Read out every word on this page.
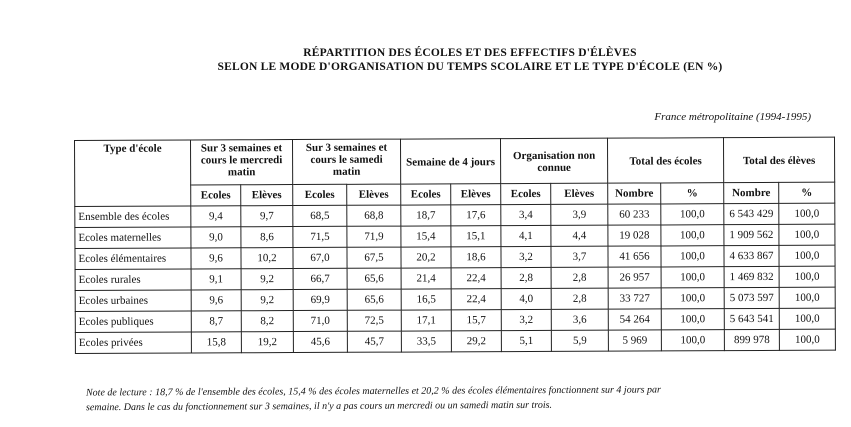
RÉPARTITION DES ÉCOLES ET DES EFFECTIFS D'ÉLÈVES
SELON LE MODE D'ORGANISATION DU TEMPS SCOLAIRE ET LE TYPE D'ÉCOLE (EN %)
France métropolitaine (1994-1995)
Type d'école	Sur 3 semaines et cours le mercredi matin		Sur 3 semaines et cours le samedi matin		Semaine de 4 jours		Organisation non connue		Total des écoles		Total des élèves	
	Ecoles	Elèves	Ecoles	Elèves	Ecoles	Elèves	Ecoles	Elèves	Nombre	%	Nombre	%
Ensemble des écoles	9,4	9,7	68,5	68,8	18,7	17,6	3,4	3,9	60 233	100,0	6 543 429	100,0
Ecoles maternelles	9,0	8,6	71,5	71,9	15,4	15,1	4,1	4,4	19 028	100,0	1 909 562	100,0
Ecoles élémentaires	9,6	10,2	67,0	67,5	20,2	18,6	3,2	3,7	41 656	100,0	4 633 867	100,0
Ecoles rurales	9,1	9,2	66,7	65,6	21,4	22,4	2,8	2,8	26 957	100,0	1 469 832	100,0
Ecoles urbaines	9,6	9,2	69,9	65,6	16,5	22,4	4,0	2,8	33 727	100,0	5 073 597	100,0
Ecoles publiques	8,7	8,2	71,0	72,5	17,1	15,7	3,2	3,6	54 264	100,0	5 643 541	100,0
Ecoles privées	15,8	19,2	45,6	45,7	33,5	29,2	5,1	5,9	5 969	100,0	899 978	100,0
Note de lecture : 18,7 % de l'ensemble des écoles, 15,4 % des écoles maternelles et 20,2 % des écoles élémentaires fonctionnent sur 4 jours par
semaine. Dans le cas du fonctionnement sur 3 semaines, il n'y a pas cours un mercredi ou un samedi matin sur trois.
